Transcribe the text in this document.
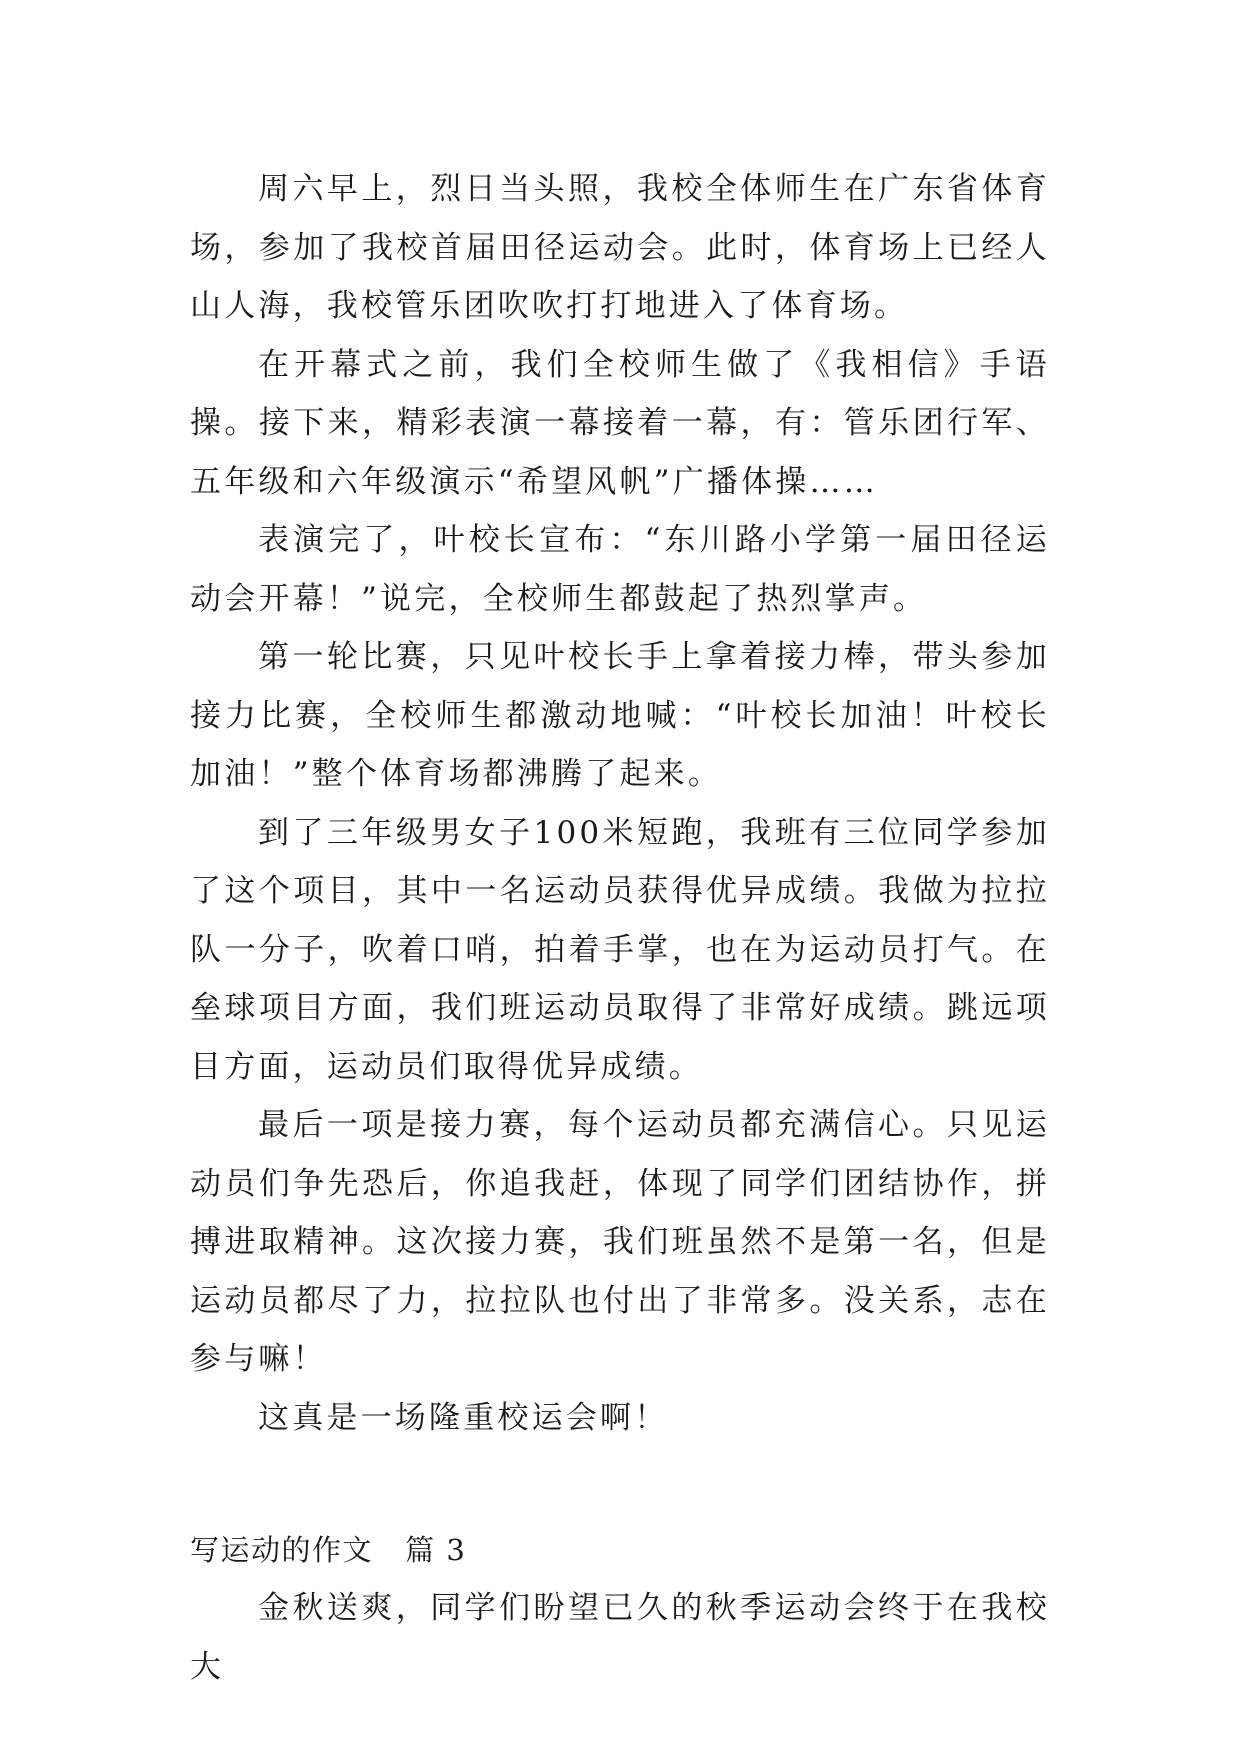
周六早上，烈日当头照，我校全体师生在广东省体育场，参加了我校首届田径运动会。此时，体育场上已经人山人海，我校管乐团吹吹打打地进入了体育场。

在开幕式之前，我们全校师生做了《我相信》手语操。接下来，精彩表演一幕接着一幕，有：管乐团行军、五年级和六年级演示“希望风帆”广播体操……

表演完了，叶校长宣布：“东川路小学第一届田径运动会开幕！”说完，全校师生都鼓起了热烈掌声。

第一轮比赛，只见叶校长手上拿着接力棒，带头参加接力比赛，全校师生都激动地喊：“叶校长加油！叶校长加油！”整个体育场都沸腾了起来。

到了三年级男女子100米短跑，我班有三位同学参加了这个项目，其中一名运动员获得优异成绩。我做为拉拉队一分子，吹着口哨，拍着手掌，也在为运动员打气。在垒球项目方面，我们班运动员取得了非常好成绩。跳远项目方面，运动员们取得优异成绩。

最后一项是接力赛，每个运动员都充满信心。只见运动员们争先恐后，你追我赶，体现了同学们团结协作，拼搏进取精神。这次接力赛，我们班虽然不是第一名，但是运动员都尽了力，拉拉队也付出了非常多。没关系，志在参与嘛！

这真是一场隆重校运会啊！

写运动的作文 篇 3

金秋送爽，同学们盼望已久的秋季运动会终于在我校大
